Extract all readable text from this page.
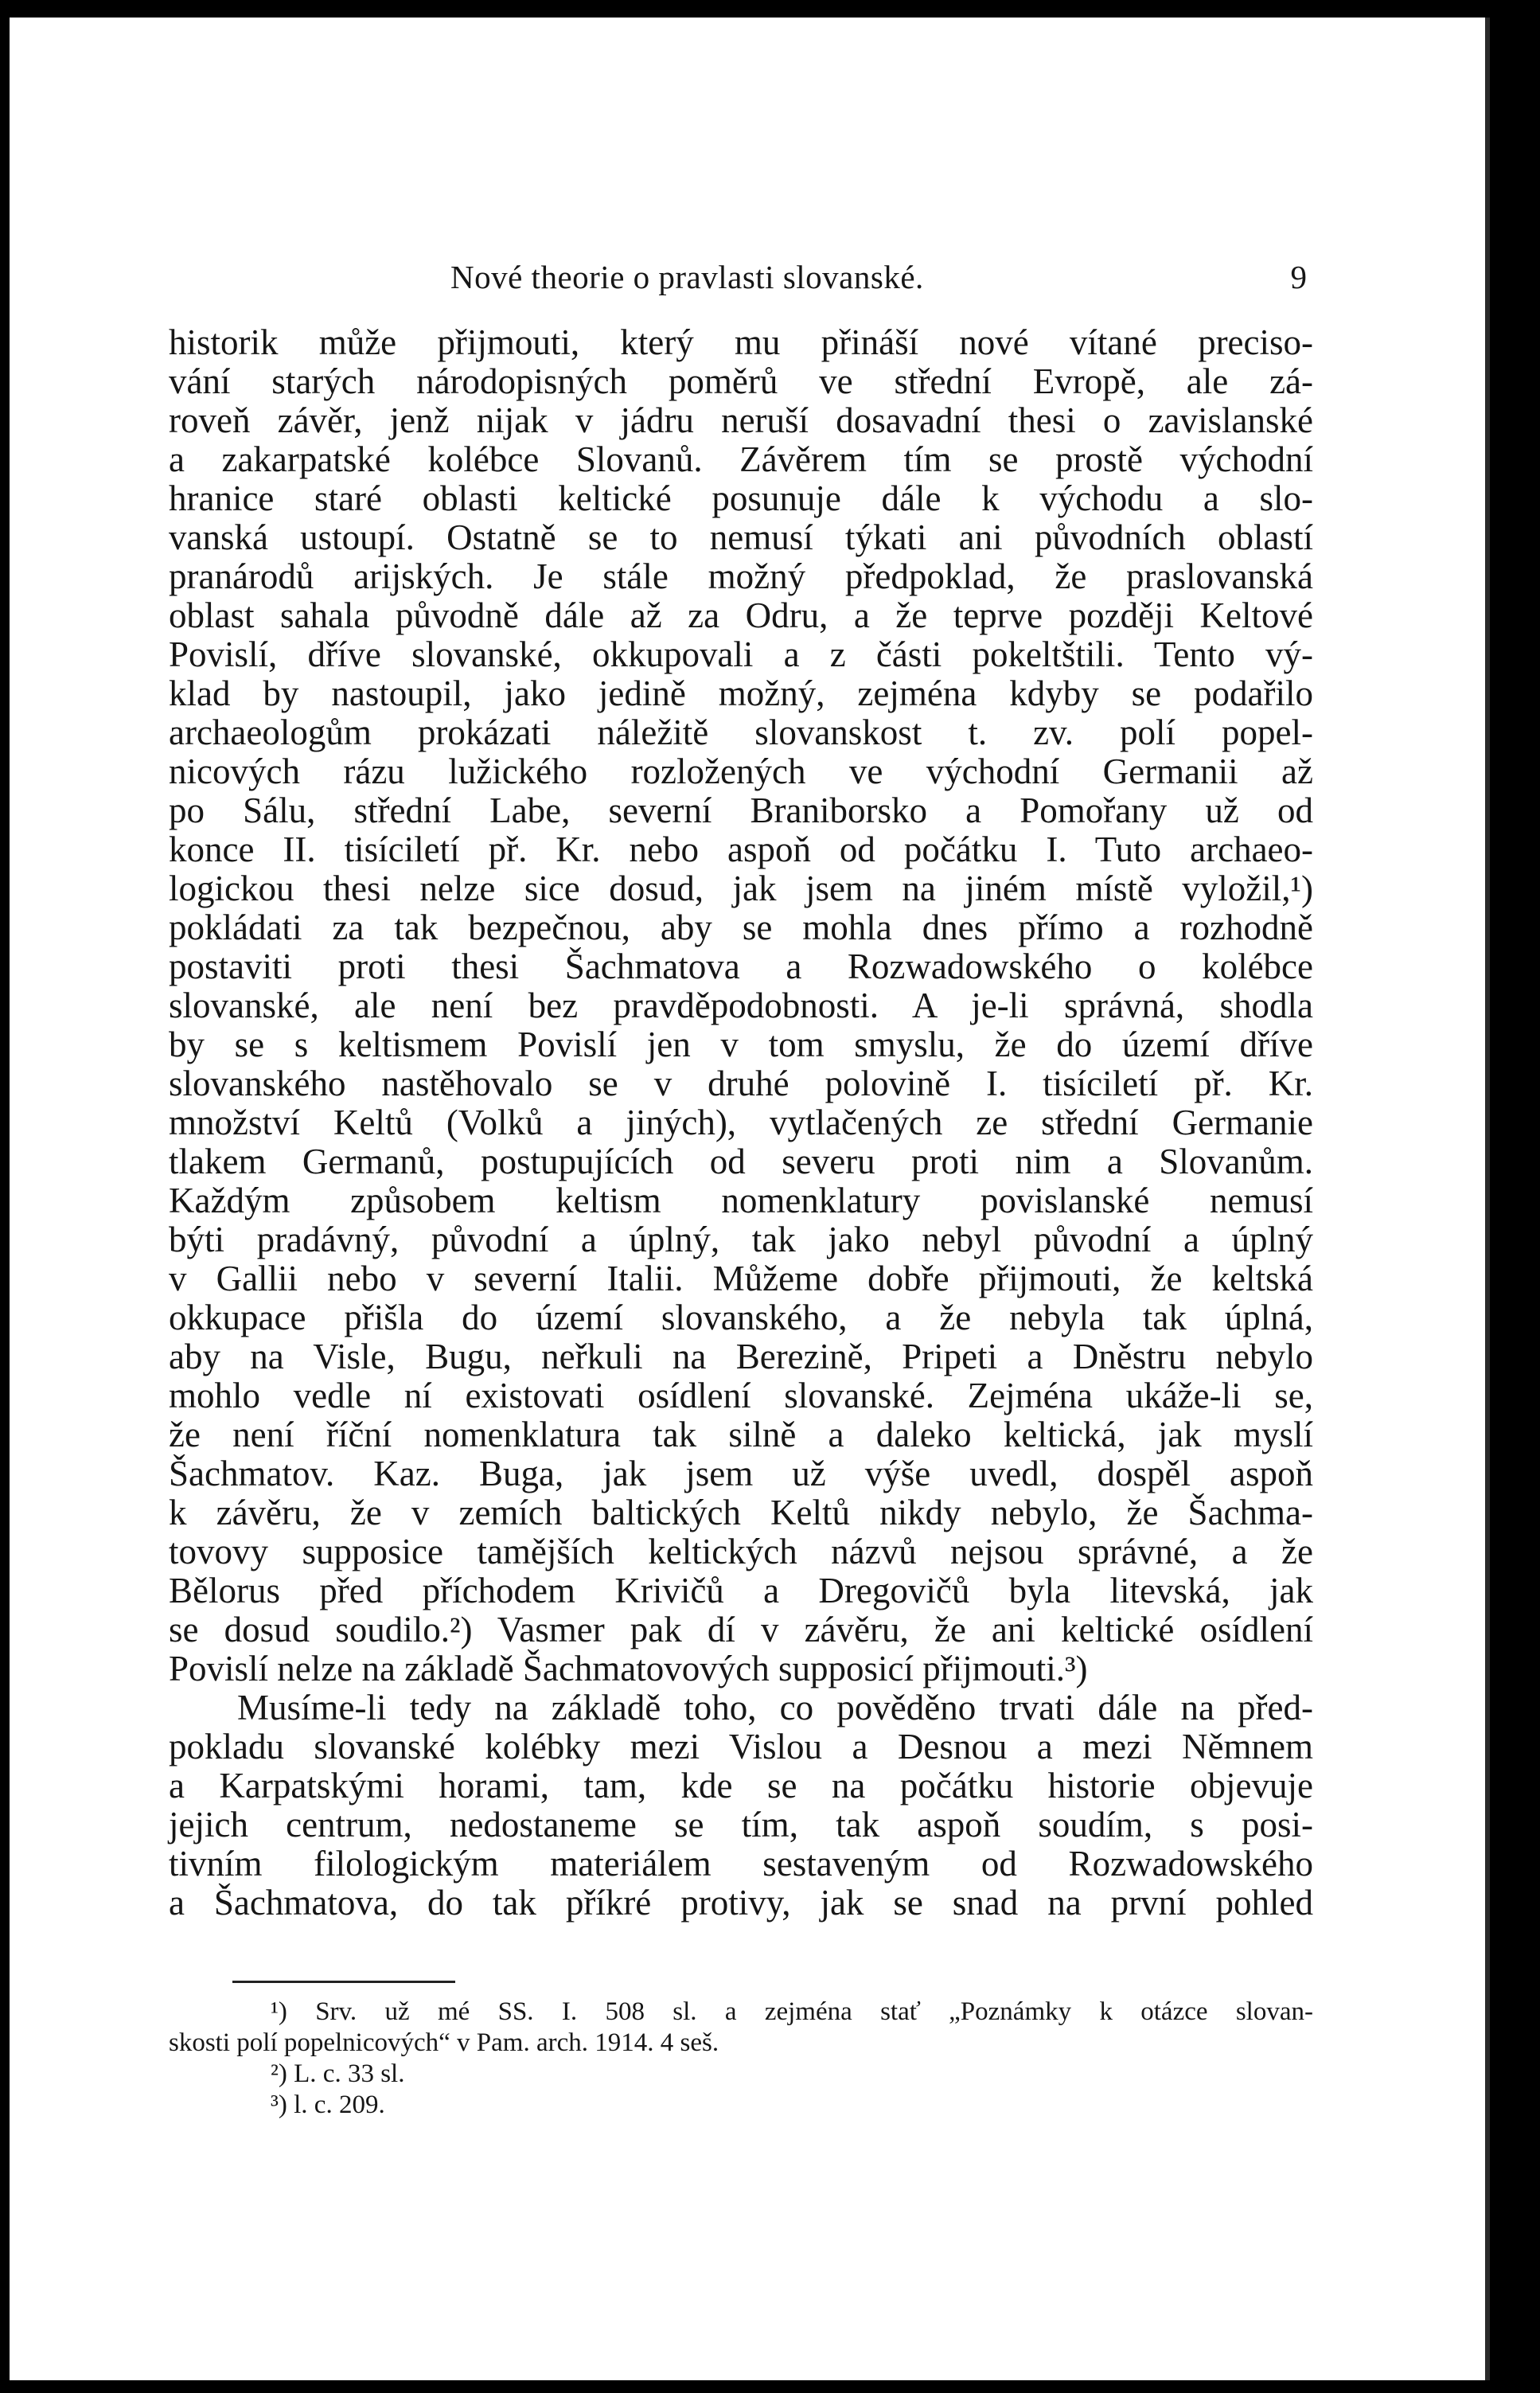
Nové theorie o pravlasti slovanské.	9
historik může přijmouti, který mu přináší nové vítané preciso-
vání starých národopisných poměrů ve střední Evropě, ale zá-
roveň závěr, jenž nijak v jádru neruší dosavadní thesi o zavislanské
a zakarpatské kolébce Slovanů. Závěrem tím se prostě východní
hranice staré oblasti keltické posunuje dále k východu a slo-
vanská ustoupí. Ostatně se to nemusí týkati ani původních oblastí
pranárodů arijských. Je stále možný předpoklad, že praslovanská
oblast sahala původně dále až za Odru, a že teprve později Keltové
Povislí, dříve slovanské, okkupovali a z části pokeltštili. Tento vý-
klad by nastoupil, jako jedině možný, zejména kdyby se podařilo
archaeologům prokázati náležitě slovanskost t. zv. polí popel-
nicových rázu lužického rozložených ve východní Germanii až
po Sálu, střední Labe, severní Braniborsko a Pomořany už od
konce II. tisíciletí př. Kr. nebo aspoň od počátku I. Tuto archaeo-
logickou thesi nelze sice dosud, jak jsem na jiném místě vyložil,¹)
pokládati za tak bezpečnou, aby se mohla dnes přímo a rozhodně
postaviti proti thesi Šachmatova a Rozwadowského o kolébce
slovanské, ale není bez pravděpodobnosti. A je-li správná, shodla
by se s keltismem Povislí jen v tom smyslu, že do území dříve
slovanského nastěhovalo se v druhé polovině I. tisíciletí př. Kr.
množství Keltů (Volků a jiných), vytlačených ze střední Germanie
tlakem Germanů, postupujících od severu proti nim a Slovanům.
Každým způsobem keltism nomenklatury povislanské nemusí
býti pradávný, původní a úplný, tak jako nebyl původní a úplný
v Gallii nebo v severní Italii. Můžeme dobře přijmouti, že keltská
okkupace přišla do území slovanského, a že nebyla tak úplná,
aby na Visle, Bugu, neřkuli na Berezině, Pripeti a Dněstru nebylo
mohlo vedle ní existovati osídlení slovanské. Zejména ukáže-li se,
že není říční nomenklatura tak silně a daleko keltická, jak myslí
Šachmatov. Kaz. Buga, jak jsem už výše uvedl, dospěl aspoň
k závěru, že v zemích baltických Keltů nikdy nebylo, že Šachma-
tovovy supposice tamějších keltických názvů nejsou správné, a že
Bělorus před příchodem Krivičů a Dregovičů byla litevská, jak
se dosud soudilo.²) Vasmer pak dí v závěru, že ani keltické osídlení
Povislí nelze na základě Šachmatovových supposicí přijmouti.³)
Musíme-li tedy na základě toho, co pověděno trvati dále na před-
pokladu slovanské kolébky mezi Vislou a Desnou a mezi Němnem
a Karpatskými horami, tam, kde se na počátku historie objevuje
jejich centrum, nedostaneme se tím, tak aspoň soudím, s posi-
tivním filologickým materiálem sestaveným od Rozwadowského
a Šachmatova, do tak příkré protivy, jak se snad na první pohled
¹) Srv. už mé SS. I. 508 sl. a zejména stať „Poznámky k otázce slovan-
skosti polí popelnicových“ v Pam. arch. 1914. 4 seš.
²) L. c. 33 sl.
³) l. c. 209.
